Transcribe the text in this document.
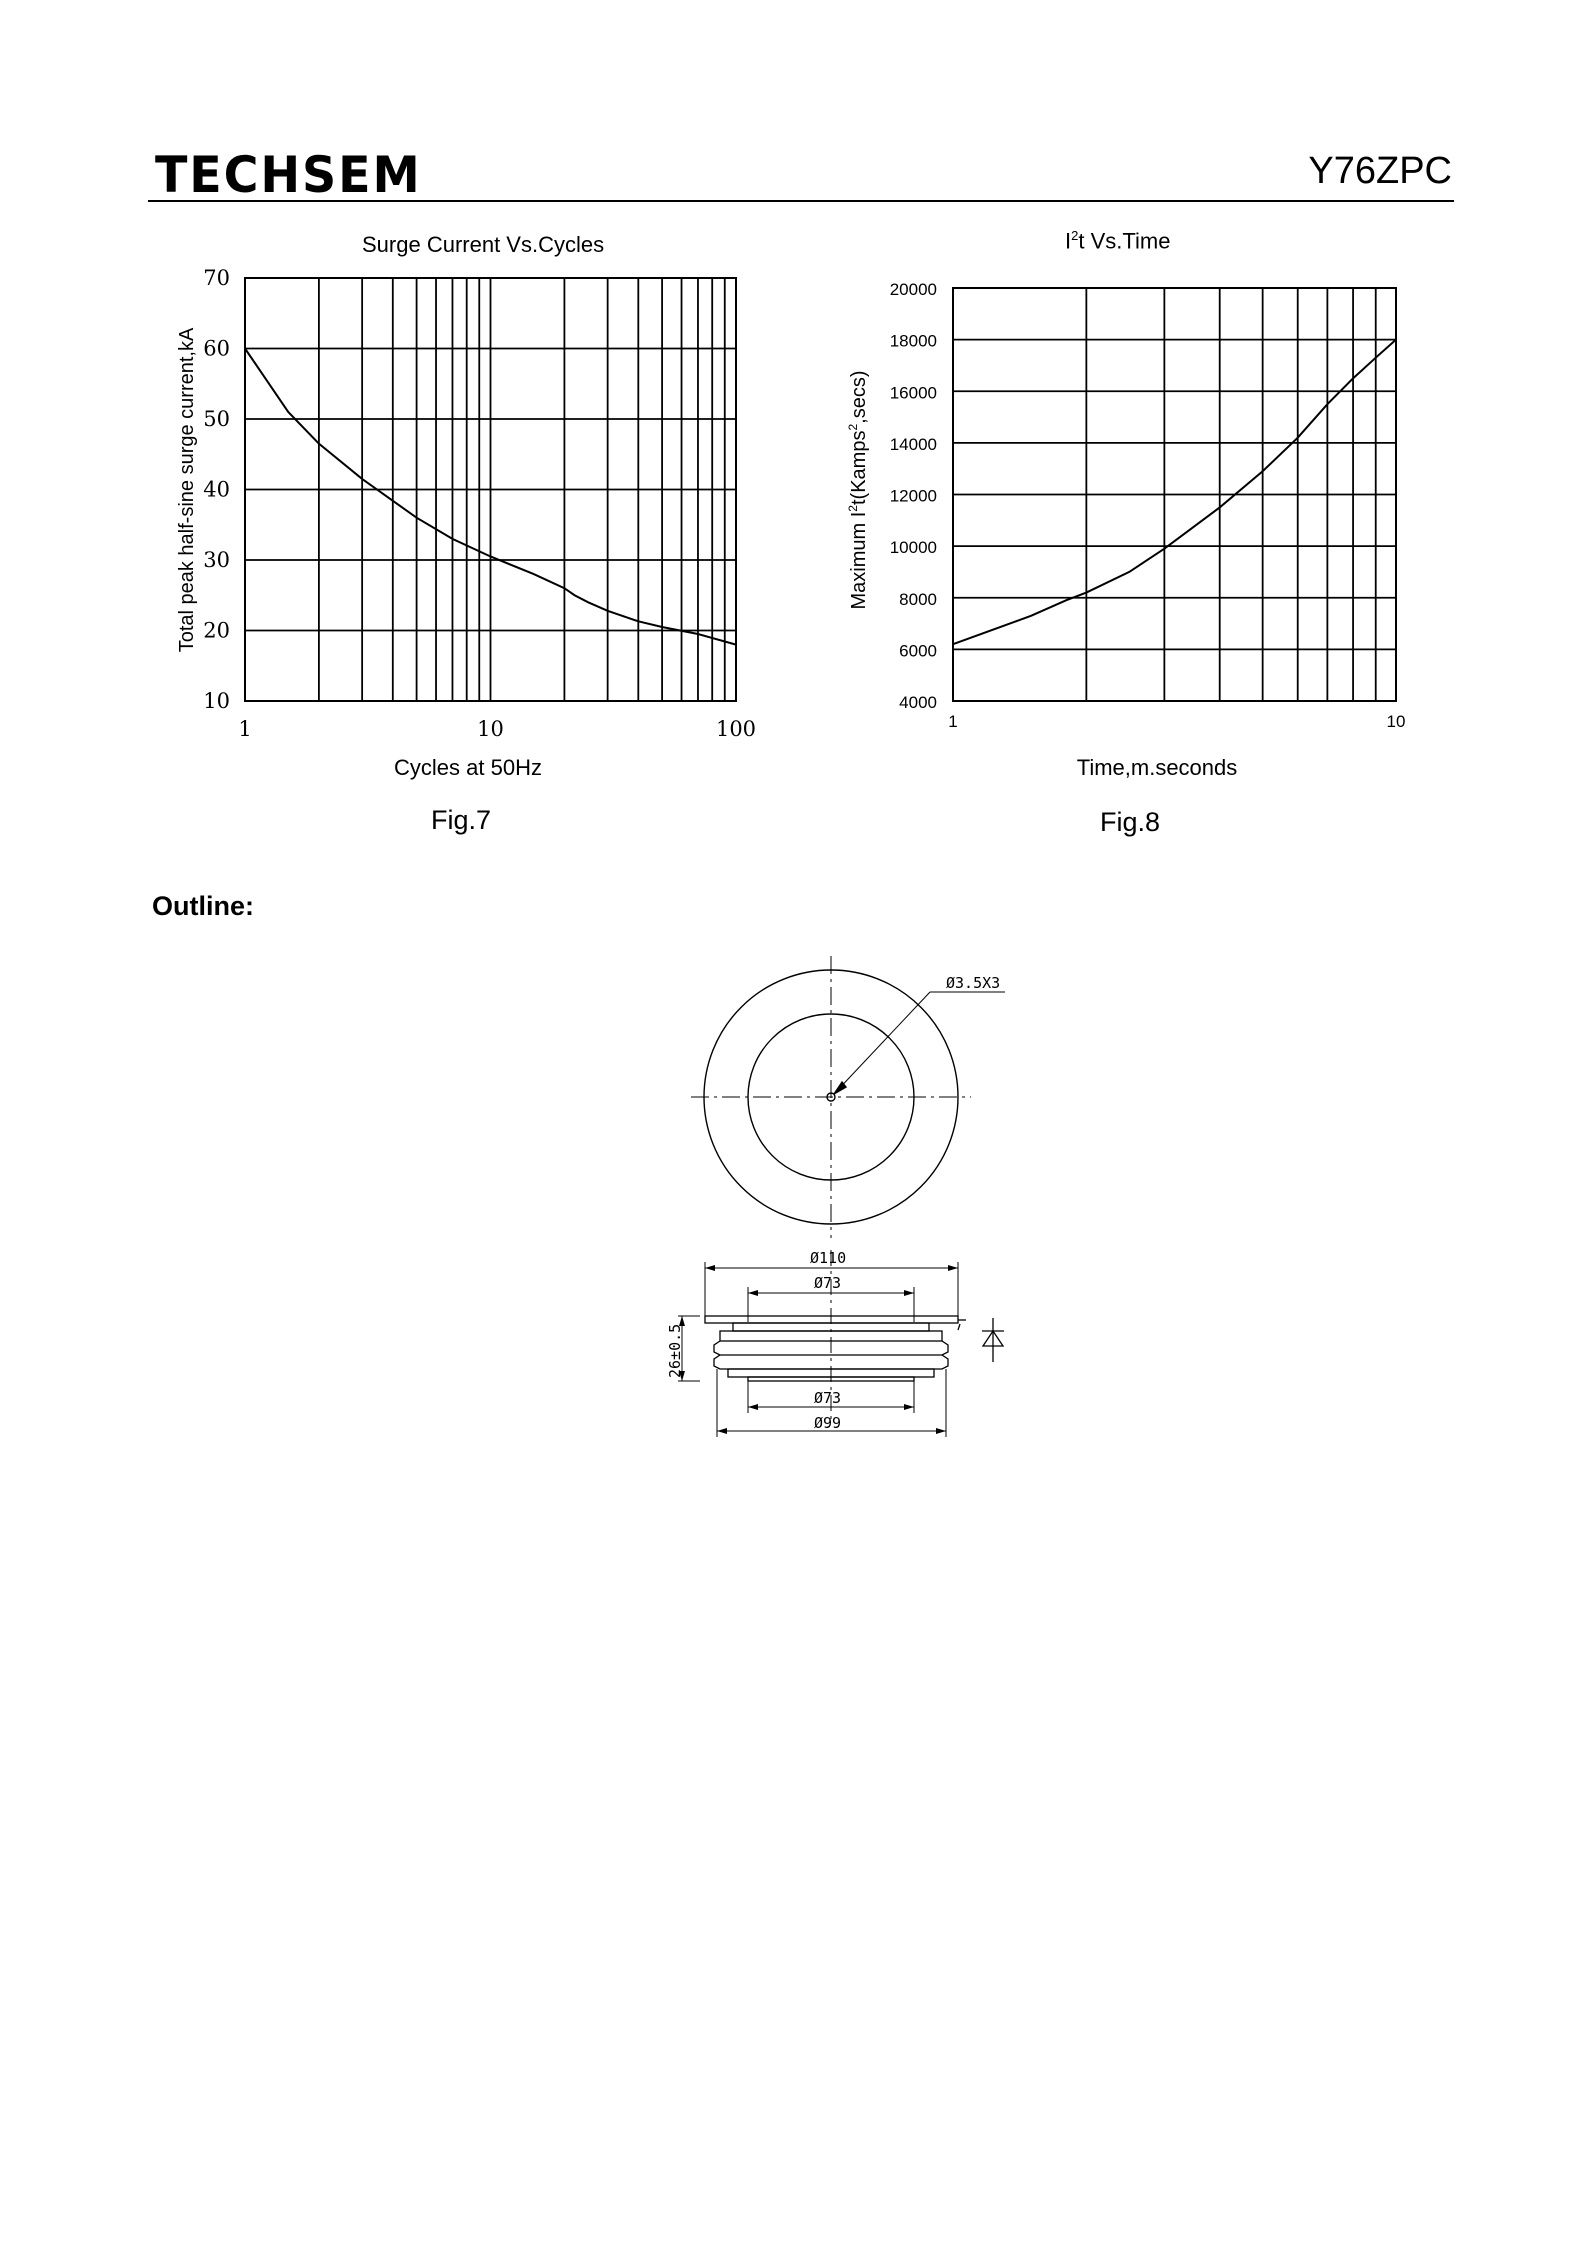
TECHSEM	Y76ZPC
Surge Current Vs.Cycles
70
60
50
40
30
20
10
1	10	100
Cycles at 50Hz
Total peak half-sine surge current,kA
Fig.7
$I^2t$ Vs.Time
20000
18000
16000
14000
12000
10000
8000
6000
4000
1	10
Time,m.seconds
Maximum $I^2t(Kamps^2,\sec s)$
Fig.8
Outline:
Ø3.5X3
Ø110
Ø73
Ø73
Ø99
26±0.5
